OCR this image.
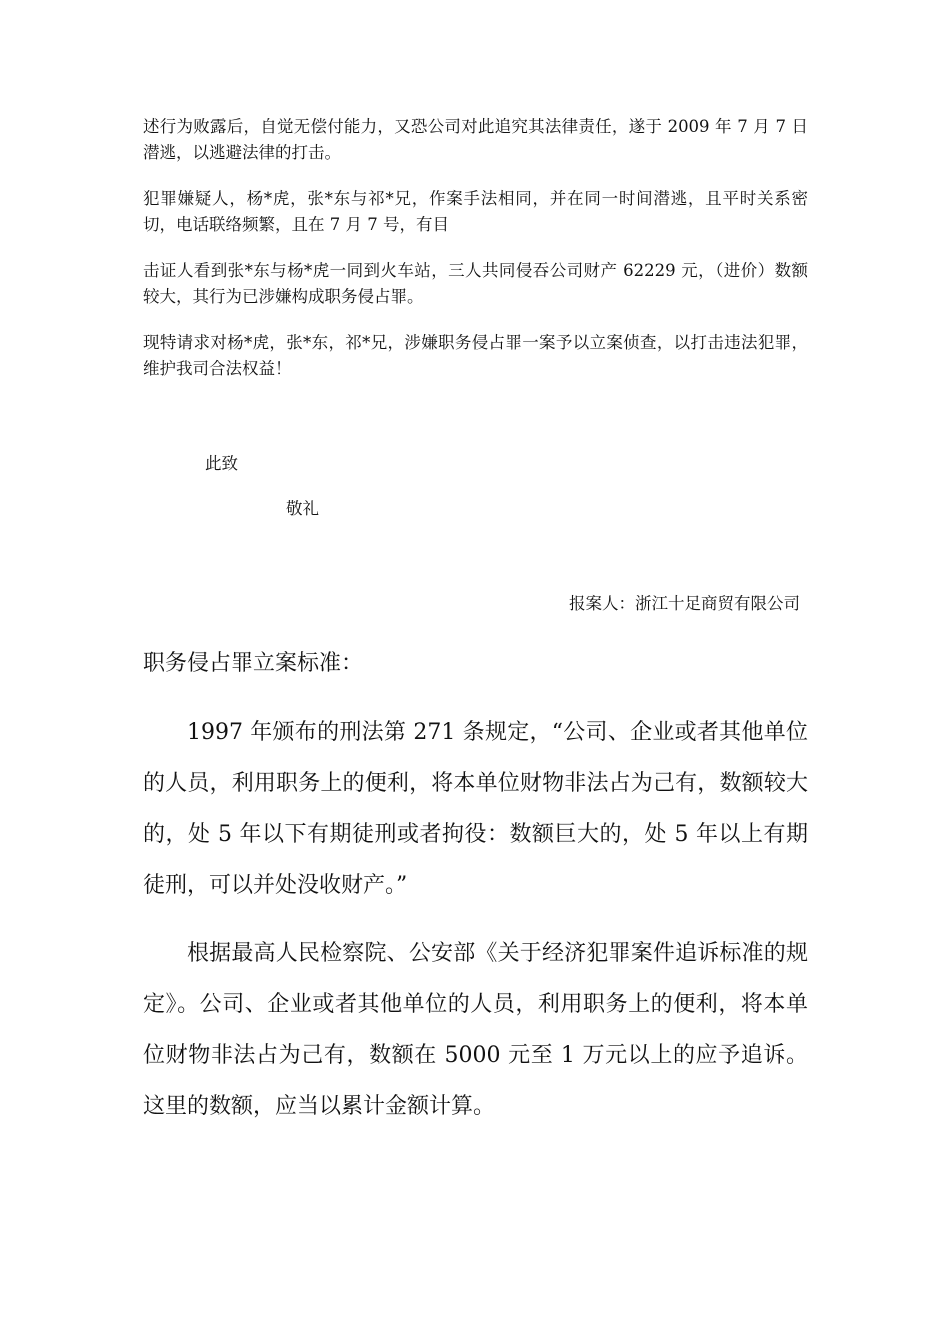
述行为败露后，自觉无偿付能力，又恐公司对此追究其法律责任，遂于 2009 年 7 月 7 日潜逃，以逃避法律的打击。

犯罪嫌疑人，杨*虎，张*东与祁*兄，作案手法相同，并在同一时间潜逃，且平时关系密切，电话联络频繁，且在 7 月 7 号，有目

击证人看到张*东与杨*虎一同到火车站，三人共同侵吞公司财产 62229 元，（进价）数额较大，其行为已涉嫌构成职务侵占罪。

现特请求对杨*虎，张*东，祁*兄，涉嫌职务侵占罪一案予以立案侦查，以打击违法犯罪，维护我司合法权益！

此致
敬礼
报案人：浙江十足商贸有限公司
职务侵占罪立案标准：

1997 年颁布的刑法第 271 条规定，“公司、企业或者其他单位的人员，利用职务上的便利，将本单位财物非法占为己有，数额较大的，处 5 年以下有期徒刑或者拘役：数额巨大的，处 5 年以上有期徒刑，可以并处没收财产。”

根据最高人民检察院、公安部《关于经济犯罪案件追诉标准的规定》。公司、企业或者其他单位的人员，利用职务上的便利，将本单位财物非法占为己有，数额在 5000 元至 1 万元以上的应予追诉。这里的数额，应当以累计金额计算。
